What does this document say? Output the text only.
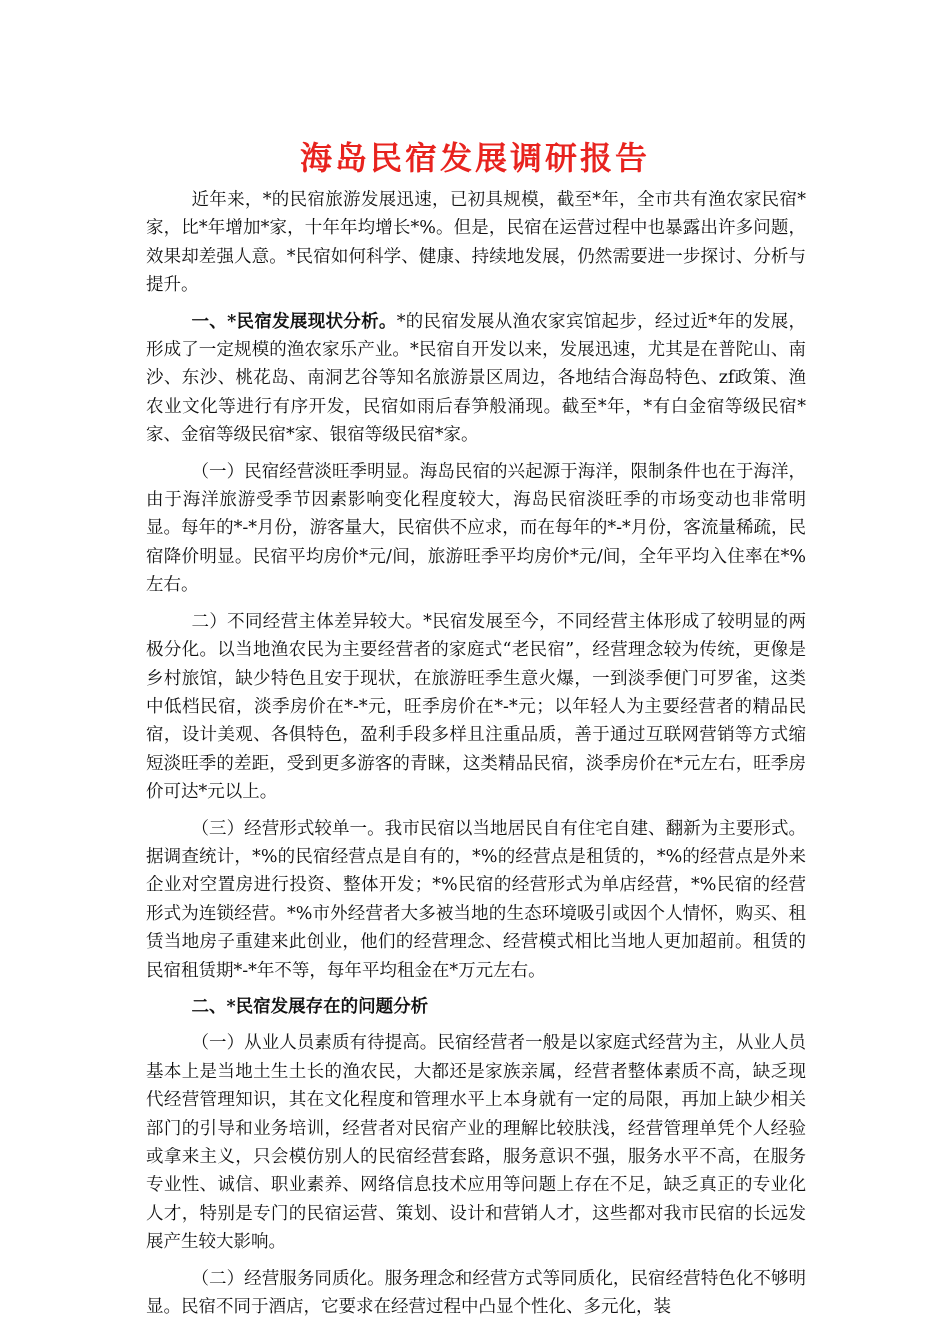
海岛民宿发展调研报告

近年来，*的民宿旅游发展迅速，已初具规模，截至*年，全市共有渔农家民宿*家，比*年增加*家，十年年均增长*%。但是，民宿在运营过程中也暴露出许多问题，效果却差强人意。*民宿如何科学、健康、持续地发展，仍然需要进一步探讨、分析与提升。

一、*民宿发展现状分析。*的民宿发展从渔农家宾馆起步，经过近*年的发展，形成了一定规模的渔农家乐产业。*民宿自开发以来，发展迅速，尤其是在普陀山、南沙、东沙、桃花岛、南洞艺谷等知名旅游景区周边，各地结合海岛特色、zf政策、渔农业文化等进行有序开发，民宿如雨后春笋般涌现。截至*年，*有白金宿等级民宿*家、金宿等级民宿*家、银宿等级民宿*家。

（一）民宿经营淡旺季明显。海岛民宿的兴起源于海洋，限制条件也在于海洋，由于海洋旅游受季节因素影响变化程度较大，海岛民宿淡旺季的市场变动也非常明显。每年的*-*月份，游客量大，民宿供不应求，而在每年的*-*月份，客流量稀疏，民宿降价明显。民宿平均房价*元/间，旅游旺季平均房价*元/间，全年平均入住率在*%左右。

二）不同经营主体差异较大。*民宿发展至今，不同经营主体形成了较明显的两极分化。以当地渔农民为主要经营者的家庭式“老民宿”，经营理念较为传统，更像是乡村旅馆，缺少特色且安于现状，在旅游旺季生意火爆，一到淡季便门可罗雀，这类中低档民宿，淡季房价在*-*元，旺季房价在*-*元；以年轻人为主要经营者的精品民宿，设计美观、各俱特色，盈利手段多样且注重品质，善于通过互联网营销等方式缩短淡旺季的差距，受到更多游客的青睐，这类精品民宿，淡季房价在*元左右，旺季房价可达*元以上。

（三）经营形式较单一。我市民宿以当地居民自有住宅自建、翻新为主要形式。据调查统计，*%的民宿经营点是自有的，*%的经营点是租赁的，*%的经营点是外来企业对空置房进行投资、整体开发；*%民宿的经营形式为单店经营，*%民宿的经营形式为连锁经营。*%市外经营者大多被当地的生态环境吸引或因个人情怀，购买、租赁当地房子重建来此创业，他们的经营理念、经营模式相比当地人更加超前。租赁的民宿租赁期*-*年不等，每年平均租金在*万元左右。

二、*民宿发展存在的问题分析

（一）从业人员素质有待提高。民宿经营者一般是以家庭式经营为主，从业人员基本上是当地土生土长的渔农民，大都还是家族亲属，经营者整体素质不高，缺乏现代经营管理知识，其在文化程度和管理水平上本身就有一定的局限，再加上缺少相关部门的引导和业务培训，经营者对民宿产业的理解比较肤浅，经营管理单凭个人经验或拿来主义，只会模仿别人的民宿经营套路，服务意识不强，服务水平不高，在服务专业性、诚信、职业素养、网络信息技术应用等问题上存在不足，缺乏真正的专业化人才，特别是专门的民宿运营、策划、设计和营销人才，这些都对我市民宿的长远发展产生较大影响。

（二）经营服务同质化。服务理念和经营方式等同质化，民宿经营特色化不够明显。民宿不同于酒店，它要求在经营过程中凸显个性化、多元化，装
